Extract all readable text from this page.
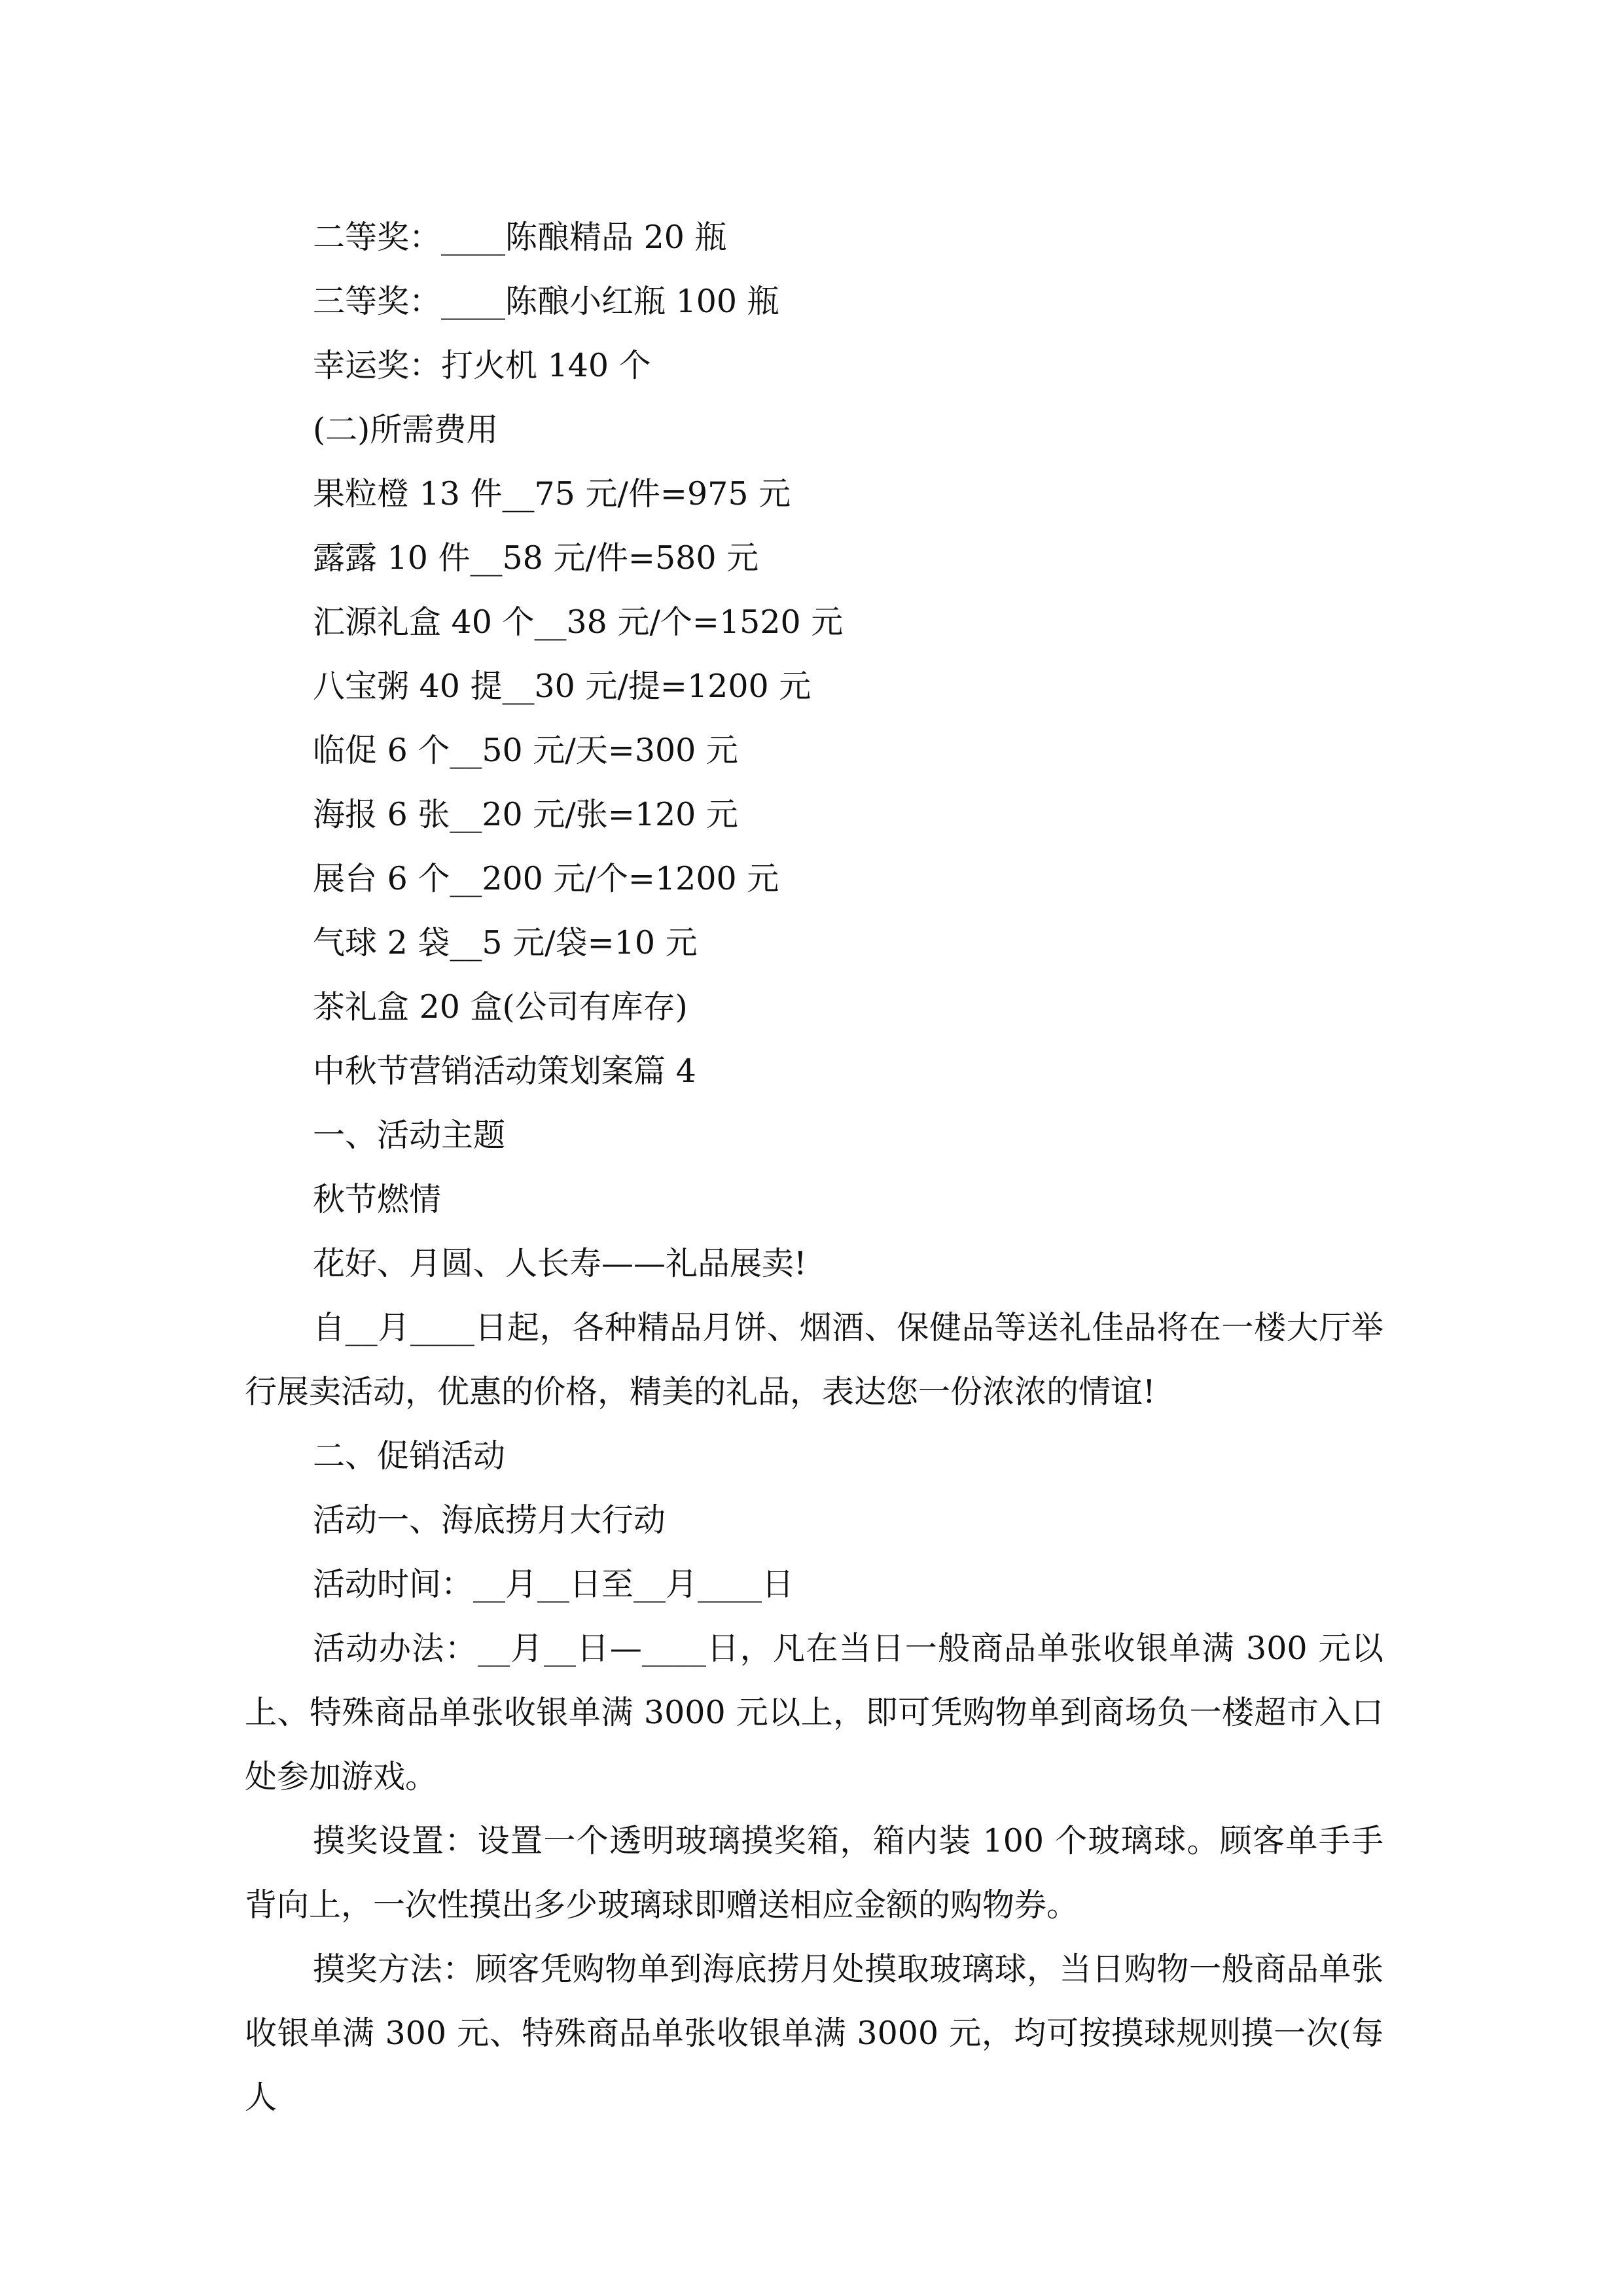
二等奖：____陈酿精品 20 瓶

三等奖：____陈酿小红瓶 100 瓶

幸运奖：打火机 140 个

(二)所需费用

果粒橙 13 件__75 元/件=975 元

露露 10 件__58 元/件=580 元

汇源礼盒 40 个__38 元/个=1520 元

八宝粥 40 提__30 元/提=1200 元

临促 6 个__50 元/天=300 元

海报 6 张__20 元/张=120 元

展台 6 个__200 元/个=1200 元

气球 2 袋__5 元/袋=10 元

茶礼盒 20 盒(公司有库存)

中秋节营销活动策划案篇 4

一、活动主题

秋节燃情

花好、月圆、人长寿——礼品展卖!

自__月____日起，各种精品月饼、烟酒、保健品等送礼佳品将在一楼大厅举行展卖活动，优惠的价格，精美的礼品，表达您一份浓浓的情谊!

二、促销活动

活动一、海底捞月大行动

活动时间：__月__日至__月____日

活动办法：__月__日—____日，凡在当日一般商品单张收银单满 300 元以上、特殊商品单张收银单满 3000 元以上，即可凭购物单到商场负一楼超市入口处参加游戏。

摸奖设置：设置一个透明玻璃摸奖箱，箱内装 100 个玻璃球。顾客单手手背向上，一次性摸出多少玻璃球即赠送相应金额的购物券。

摸奖方法：顾客凭购物单到海底捞月处摸取玻璃球，当日购物一般商品单张收银单满 300 元、特殊商品单张收银单满 3000 元，均可按摸球规则摸一次(每人
